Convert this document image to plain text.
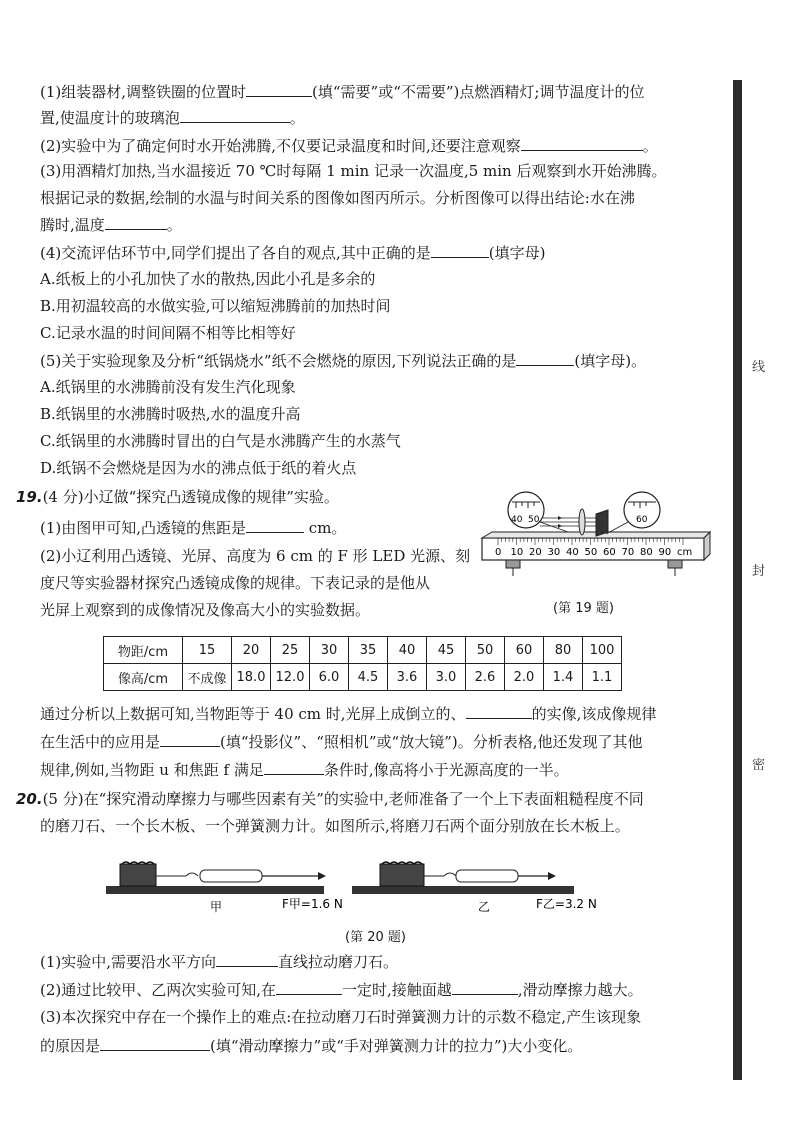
(1)组装器材,调整铁圈的位置时	(填“需要”或“不需要”)点燃酒精灯;调节温度计的位
置,使温度计的玻璃泡	。
(2)实验中为了确定何时水开始沸腾,不仅要记录温度和时间,还要注意观察	。
(3)用酒精灯加热,当水温接近 70 ℃时每隔 1 min 记录一次温度,5 min 后观察到水开始沸腾。
根据记录的数据,绘制的水温与时间关系的图像如图丙所示。分析图像可以得出结论:水在沸
腾时,温度	。
(4)交流评估环节中,同学们提出了各自的观点,其中正确的是	(填字母)
A.纸板上的小孔加快了水的散热,因此小孔是多余的
B.用初温较高的水做实验,可以缩短沸腾前的加热时间
C.记录水温的时间间隔不相等比相等好
(5)关于实验现象及分析“纸锅烧水”纸不会燃烧的原因,下列说法正确的是	(填字母)。
A.纸锅里的水沸腾前没有发生汽化现象
B.纸锅里的水沸腾时吸热,水的温度升高
C.纸锅里的水沸腾时冒出的白气是水沸腾产生的水蒸气
D.纸锅不会燃烧是因为水的沸点低于纸的着火点
19.(4 分)小辽做“探究凸透镜成像的规律”实验。
(1)由图甲可知,凸透镜的焦距是	cm。
(2)小辽利用凸透镜、光屏、高度为 6 cm 的 F 形 LED 光源、刻
度尺等实验器材探究凸透镜成像的规律。下表记录的是他从
光屏上观察到的成像情况及像高大小的实验数据。
0 10 20 30 40 50 60 70 80 90 cm
40 50	60
(第 19 题)
物距/cm	15	20	25	30	35	40	45	50	60	80	100
像高/cm	不成像	18.0	12.0	6.0	4.5	3.6	3.0	2.6	2.0	1.4	1.1
通过分析以上数据可知,当物距等于 40 cm 时,光屏上成倒立的、	的实像,该成像规律
在生活中的应用是	(填“投影仪”、“照相机”或“放大镜”)。分析表格,他还发现了其他
规律,例如,当物距 u 和焦距 f 满足	条件时,像高将小于光源高度的一半。
20.(5 分)在“探究滑动摩擦力与哪些因素有关”的实验中,老师准备了一个上下表面粗糙程度不同
的磨刀石、一个长木板、一个弹簧测力计。如图所示,将磨刀石两个面分别放在长木板上。
F甲=1.6 N
甲	F乙=3.2 N
乙
(第 20 题)
(1)实验中,需要沿水平方向	直线拉动磨刀石。
(2)通过比较甲、乙两次实验可知,在	一定时,接触面越	,滑动摩擦力越大。
(3)本次探究中存在一个操作上的难点:在拉动磨刀石时弹簧测力计的示数不稳定,产生该现象
的原因是	(填“滑动摩擦力”或“手对弹簧测力计的拉力”)大小变化。
线
封
密
